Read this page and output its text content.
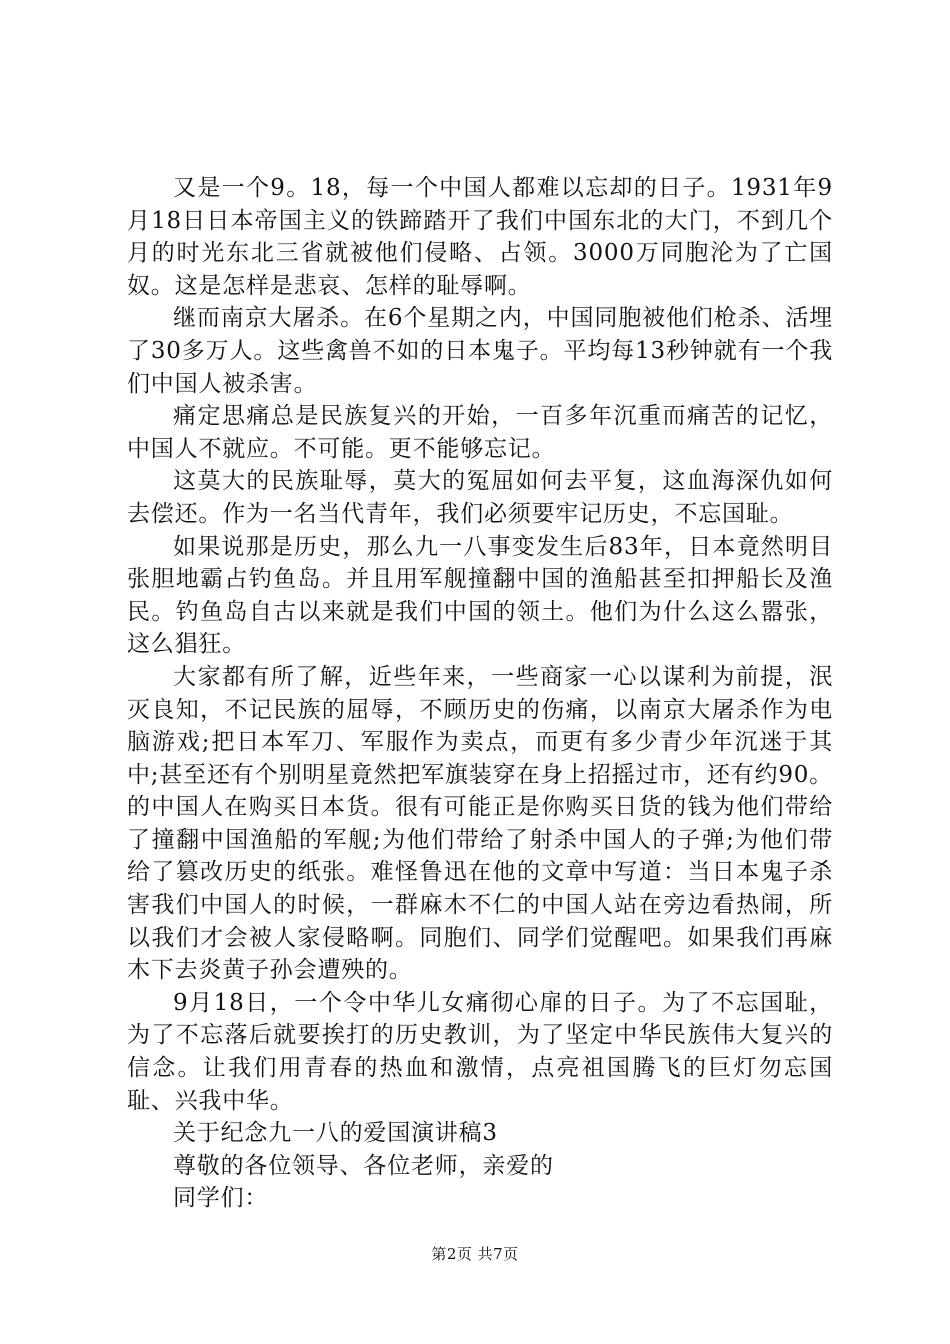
又是一个9。18，每一个中国人都难以忘却的日子。1931年9月18日日本帝国主义的铁蹄踏开了我们中国东北的大门，不到几个月的时光东北三省就被他们侵略、占领。3000万同胞沦为了亡国奴。这是怎样是悲哀、怎样的耻辱啊。

继而南京大屠杀。在6个星期之内，中国同胞被他们枪杀、活埋了30多万人。这些禽兽不如的日本鬼子。平均每13秒钟就有一个我们中国人被杀害。

痛定思痛总是民族复兴的开始，一百多年沉重而痛苦的记忆，中国人不就应。不可能。更不能够忘记。

这莫大的民族耻辱，莫大的冤屈如何去平复，这血海深仇如何去偿还。作为一名当代青年，我们必须要牢记历史，不忘国耻。

如果说那是历史，那么九一八事变发生后83年，日本竟然明目张胆地霸占钓鱼岛。并且用军舰撞翻中国的渔船甚至扣押船长及渔民。钓鱼岛自古以来就是我们中国的领土。他们为什么这么嚣张，这么猖狂。

大家都有所了解，近些年来，一些商家一心以谋利为前提，泯灭良知，不记民族的屈辱，不顾历史的伤痛，以南京大屠杀作为电脑游戏;把日本军刀、军服作为卖点，而更有多少青少年沉迷于其中;甚至还有个别明星竟然把军旗装穿在身上招摇过市，还有约90。的中国人在购买日本货。很有可能正是你购买日货的钱为他们带给了撞翻中国渔船的军舰;为他们带给了射杀中国人的子弹;为他们带给了篡改历史的纸张。难怪鲁迅在他的文章中写道：当日本鬼子杀害我们中国人的时候，一群麻木不仁的中国人站在旁边看热闹，所以我们才会被人家侵略啊。同胞们、同学们觉醒吧。如果我们再麻木下去炎黄子孙会遭殃的。

9月18日，一个令中华儿女痛彻心扉的日子。为了不忘国耻，为了不忘落后就要挨打的历史教训，为了坚定中华民族伟大复兴的信念。让我们用青春的热血和激情，点亮祖国腾飞的巨灯勿忘国耻、兴我中华。

关于纪念九一八的爱国演讲稿3

尊敬的各位领导、各位老师，亲爱的

同学们：

第2页 共7页
